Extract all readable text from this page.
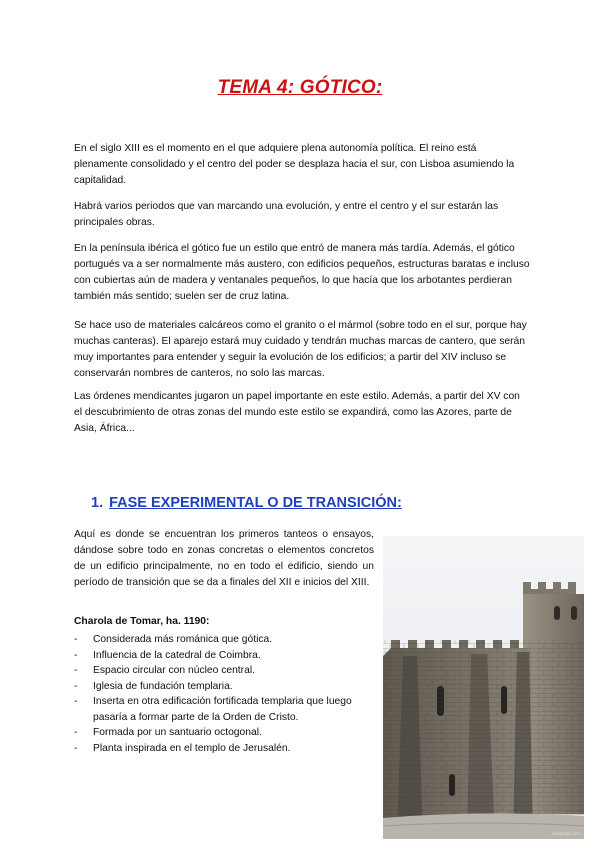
TEMA 4: GÓTICO:

En el siglo XIII es el momento en el que adquiere plena autonomía política. El reino está plenamente consolidado y el centro del poder se desplaza hacia el sur, con Lisboa asumiendo la capitalidad.

Habrá varios periodos que van marcando una evolución, y entre el centro y el sur estarán las principales obras.

En la península ibérica el gótico fue un estilo que entró de manera más tardía. Además, el gótico portugués va a ser normalmente más austero, con edificios pequeños, estructuras baratas e incluso con cubiertas aún de madera y ventanales pequeños, lo que hacía que los arbotantes perdieran también más sentido; suelen ser de cruz latina.

Se hace uso de materiales calcáreos como el granito o el mármol (sobre todo en el sur, porque hay muchas canteras). El aparejo estará muy cuidado y tendrán muchas marcas de cantero, que serán muy importantes para entender y seguir la evolución de los edificios; a partir del XIV incluso se conservarán nombres de canteros, no solo las marcas.

Las órdenes mendicantes jugaron un papel importante en este estilo. Además, a partir del XV con el descubrimiento de otras zonas del mundo este estilo se expandirá, como las Azores, parte de Asia, África...

1. FASE EXPERIMENTAL O DE TRANSICIÓN:

Aquí es donde se encuentran los primeros tanteos o ensayos, dándose sobre todo en zonas concretas o elementos concretos de un edificio principalmente, no en todo el edificio, siendo un período de transición que se da a finales del XII e inicios del XIII.

Charola de Tomar, ha. 1190:

- Considerada más románica que gótica.
- Influencia de la catedral de Coimbra.
- Espacio circular con núcleo central.
- Iglesia de fundación templaria.
- Inserta en otra edificación fortificada templaria que luego pasaría a formar parte de la Orden de Cristo.
- Formada por un santuario octogonal.
- Planta inspirada en el templo de Jerusalén.
arteguias.com
